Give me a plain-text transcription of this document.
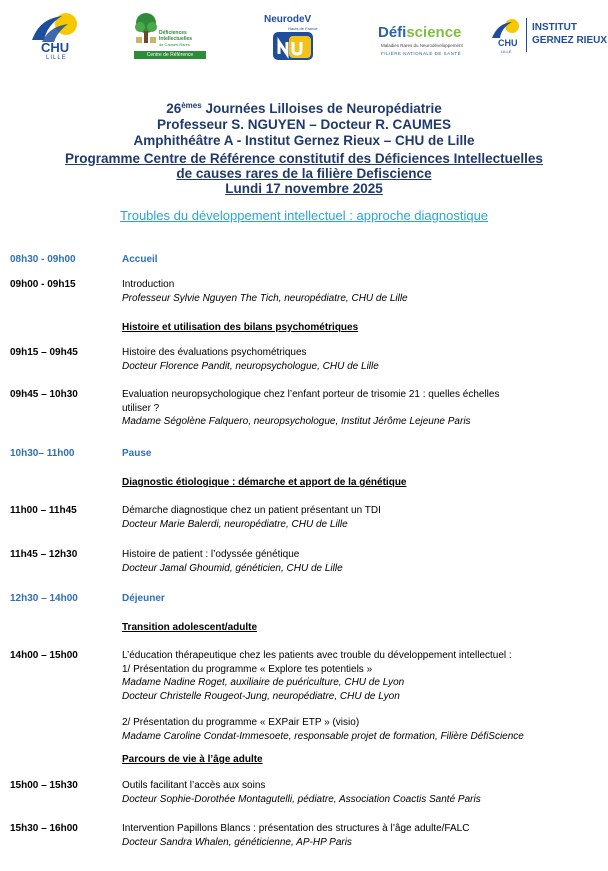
CHU
LILLE
Déficiences
Intellectuelles
de Causes Rares
Centre de Référence
NeurodeV
Hauts de France	Défiscience
Maladies Rares du Neurodéveloppement
FILIÈRE NATIONALE DE SANTÉ
CHU
LILLE
INSTITUT
GERNEZ RIEUX
26èmes Journées Lilloises de Neuropédiatrie
Professeur S. NGUYEN – Docteur R. CAUMES
Amphithéâtre A - Institut Gernez Rieux – CHU de Lille
Programme Centre de Référence constitutif des Déficiences Intellectuelles
de causes rares de la filière Defiscience
Lundi 17 novembre 2025
Troubles du développement intellectuel : approche diagnostique
08h30 - 09h00	Accueil
09h00 - 09h15	Introduction
Professeur Sylvie Nguyen The Tich, neuropédiatre, CHU de Lille
Histoire et utilisation des bilans psychométriques
09h15 – 09h45	Histoire des évaluations psychométriques
Docteur Florence Pandit, neuropsychologue, CHU de Lille
09h45 – 10h30	Evaluation neuropsychologique chez l’enfant porteur de trisomie 21 : quelles échelles
utiliser ?
Madame Ségolène Falquero, neuropsychologue, Institut Jérôme Lejeune Paris
10h30– 11h00	Pause
Diagnostic étiologique : démarche et apport de la génétique
11h00 – 11h45	Démarche diagnostique chez un patient présentant un TDI
Docteur Marie Balerdi, neuropédiatre, CHU de Lille
11h45 – 12h30	Histoire de patient : l’odyssée génétique
Docteur Jamal Ghoumid, généticien, CHU de Lille
12h30 – 14h00	Déjeuner
Transition adolescent/adulte
14h00 – 15h00	L’éducation thérapeutique chez les patients avec trouble du développement intellectuel :
1/ Présentation du programme « Explore tes potentiels »
Madame Nadine Roget, auxiliaire de puériculture, CHU de Lyon
Docteur Christelle Rougeot-Jung, neuropédiatre, CHU de Lyon
2/ Présentation du programme « EXPair ETP » (visio)
Madame Caroline Condat-Immesoete, responsable projet de formation, Filière DéfiScience
Parcours de vie à l’âge adulte
15h00 – 15h30	Outils facilitant l’accès aux soins
Docteur Sophie-Dorothée Montagutelli, pédiatre, Association Coactis Santé Paris
15h30 – 16h00	Intervention Papillons Blancs : présentation des structures à l’âge adulte/FALC
Docteur Sandra Whalen, généticienne, AP-HP Paris
